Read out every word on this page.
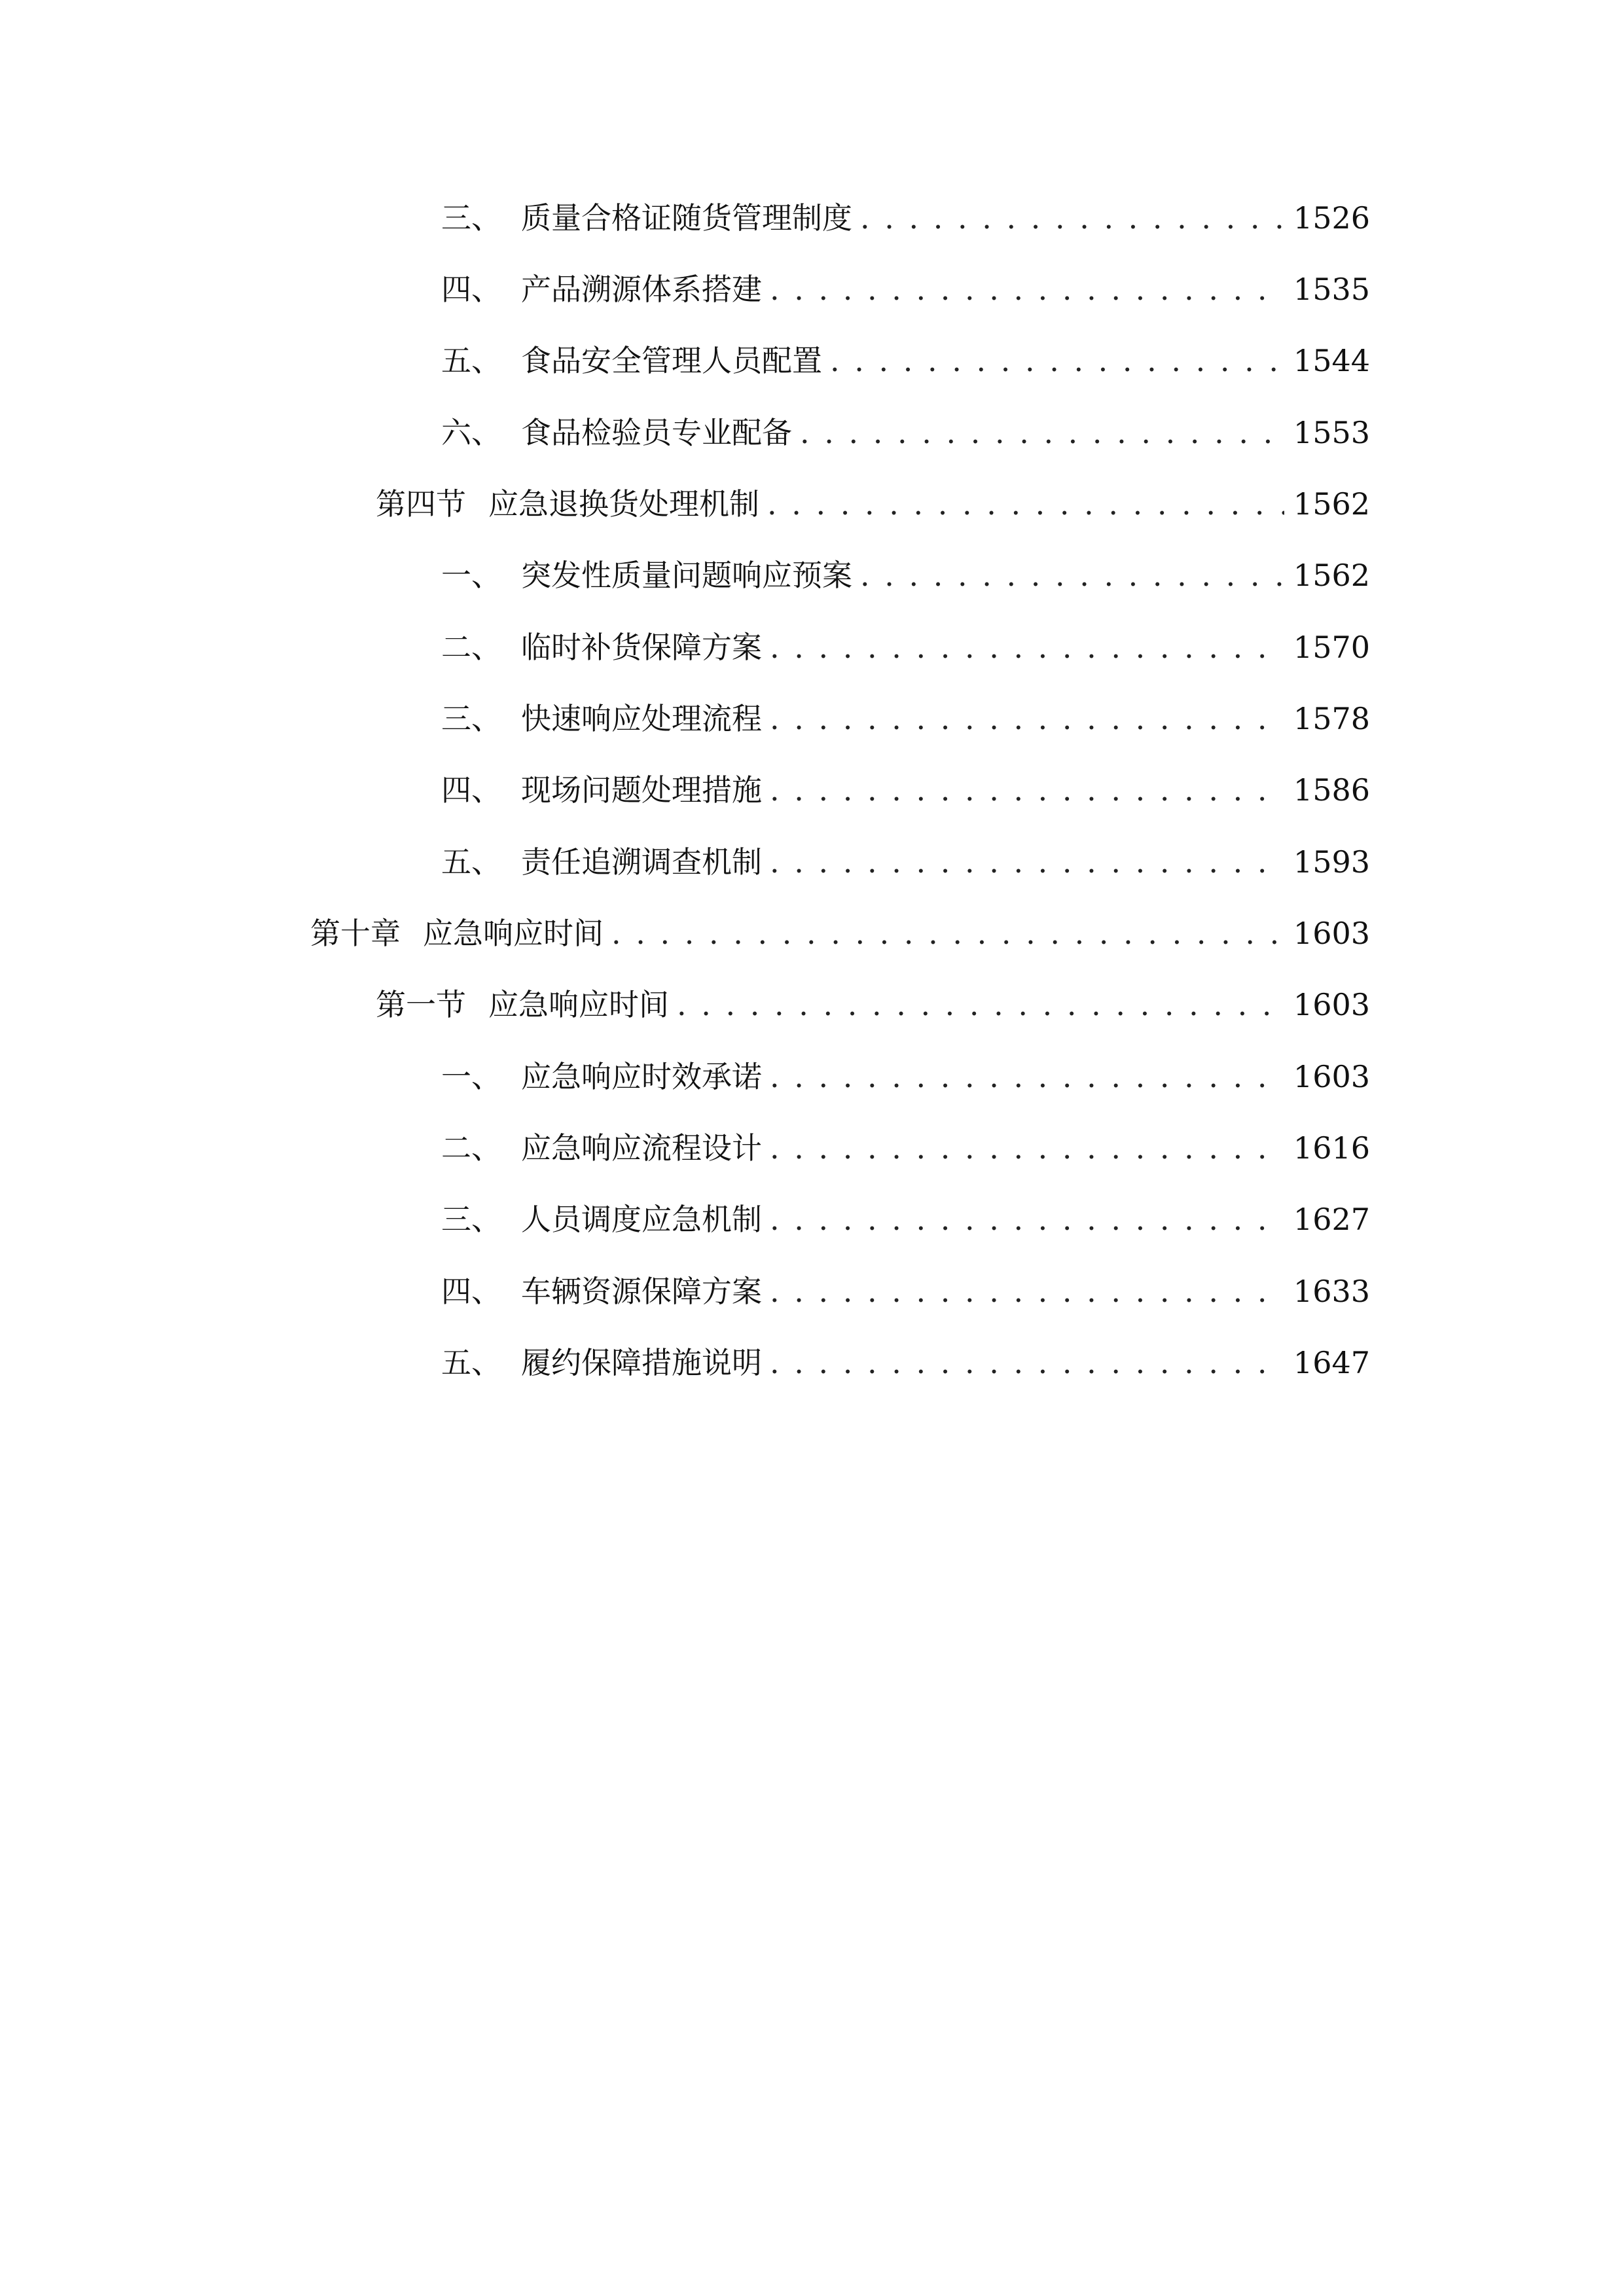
三、 质量合格证随货管理制度 . . .	1526
四、 产品溯源体系搭建 . . .	1535
五、 食品安全管理人员配置 . . .	1544
六、 食品检验员专业配备 . . .	1553
第四节 应急退换货处理机制 . . .	1562
一、 突发性质量问题响应预案 . . .	1562
二、 临时补货保障方案 . . .	1570
三、 快速响应处理流程 . . .	1578
四、 现场问题处理措施 . . .	1586
五、 责任追溯调查机制 . . .	1593
第十章 应急响应时间 . . .	1603
第一节 应急响应时间 . . .	1603
一、 应急响应时效承诺 . . .	1603
二、 应急响应流程设计 . . .	1616
三、 人员调度应急机制 . . .	1627
四、 车辆资源保障方案 . . .	1633
五、 履约保障措施说明 . . .	1647
